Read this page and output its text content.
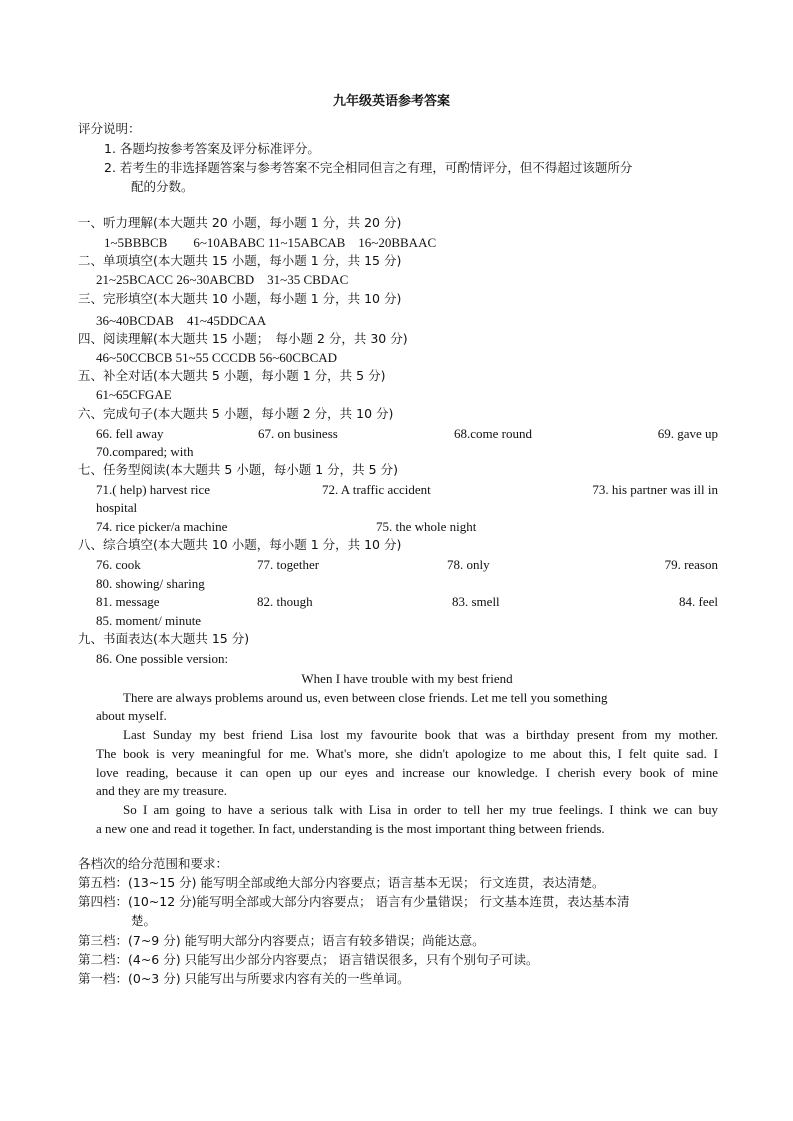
九年级英语参考答案
评分说明：
1. 各题均按参考答案及评分标准评分。
2. 若考生的非选择题答案与参考答案不完全相同但言之有理，可酌情评分，但不得超过该题所分
配的分数。
一、听力理解(本大题共 20 小题，每小题 1 分，共 20 分)
1~5BBBCB　　6~10ABABC 11~15ABCAB　16~20BBAAC
二、单项填空(本大题共 15 小题，每小题 1 分，共 15 分)
21~25BCACC 26~30ABCBD　31~35 CBDAC
三、完形填空(本大题共 10 小题，每小题 1 分，共 10 分)
36~40BCDAB　41~45DDCAA
四、阅读理解(本大题共 15 小题；　每小题 2 分，共 30 分)
46~50CCBCB 51~55 CCCDB 56~60CBCAD
五、补全对话(本大题共 5 小题，每小题 1 分，共 5 分)
61~65CFGAE
六、完成句子(本大题共 5 小题，每小题 2 分，共 10 分)
66. fell away	67. on business	68.come round	69. gave up
70.compared; with
七、任务型阅读(本大题共 5 小题，每小题 1 分，共 5 分)
71.( help) harvest rice	72. A traffic accident	73. his partner was ill in
hospital
74. rice picker/a machine	75. the whole night
八、综合填空(本大题共 10 小题，每小题 1 分，共 10 分)
76. cook	77. together	78. only	79. reason
80. showing/ sharing
81. message	82. though	83. smell	84. feel
85. moment/ minute
九、书面表达(本大题共 15 分)
86. One possible version:
When I have trouble with my best friend
There are always problems around us, even between close friends. Let me tell you something
about myself.
Last Sunday my best friend Lisa lost my favourite book that was a birthday present from my mother.
The book is very meaningful for me. What's more, she didn't apologize to me about this, I felt quite sad. I
love reading, because it can open up our eyes and increase our knowledge. I cherish every book of mine
and they are my treasure.
So I am going to have a serious talk with Lisa in order to tell her my true feelings. I think we can buy
a new one and read it together. In fact, understanding is the most important thing between friends.
各档次的给分范围和要求：
第五档：(13~15 分) 能写明全部或绝大部分内容要点；语言基本无误； 行文连贯，表达清楚。
第四档：(10~12 分)能写明全部或大部分内容要点； 语言有少量错误； 行文基本连贯，表达基本清
楚。
第三档：(7~9 分) 能写明大部分内容要点；语言有较多错误；尚能达意。
第二档：(4~6 分) 只能写出少部分内容要点； 语言错误很多，只有个别句子可读。
第一档：(0~3 分) 只能写出与所要求内容有关的一些单词。
